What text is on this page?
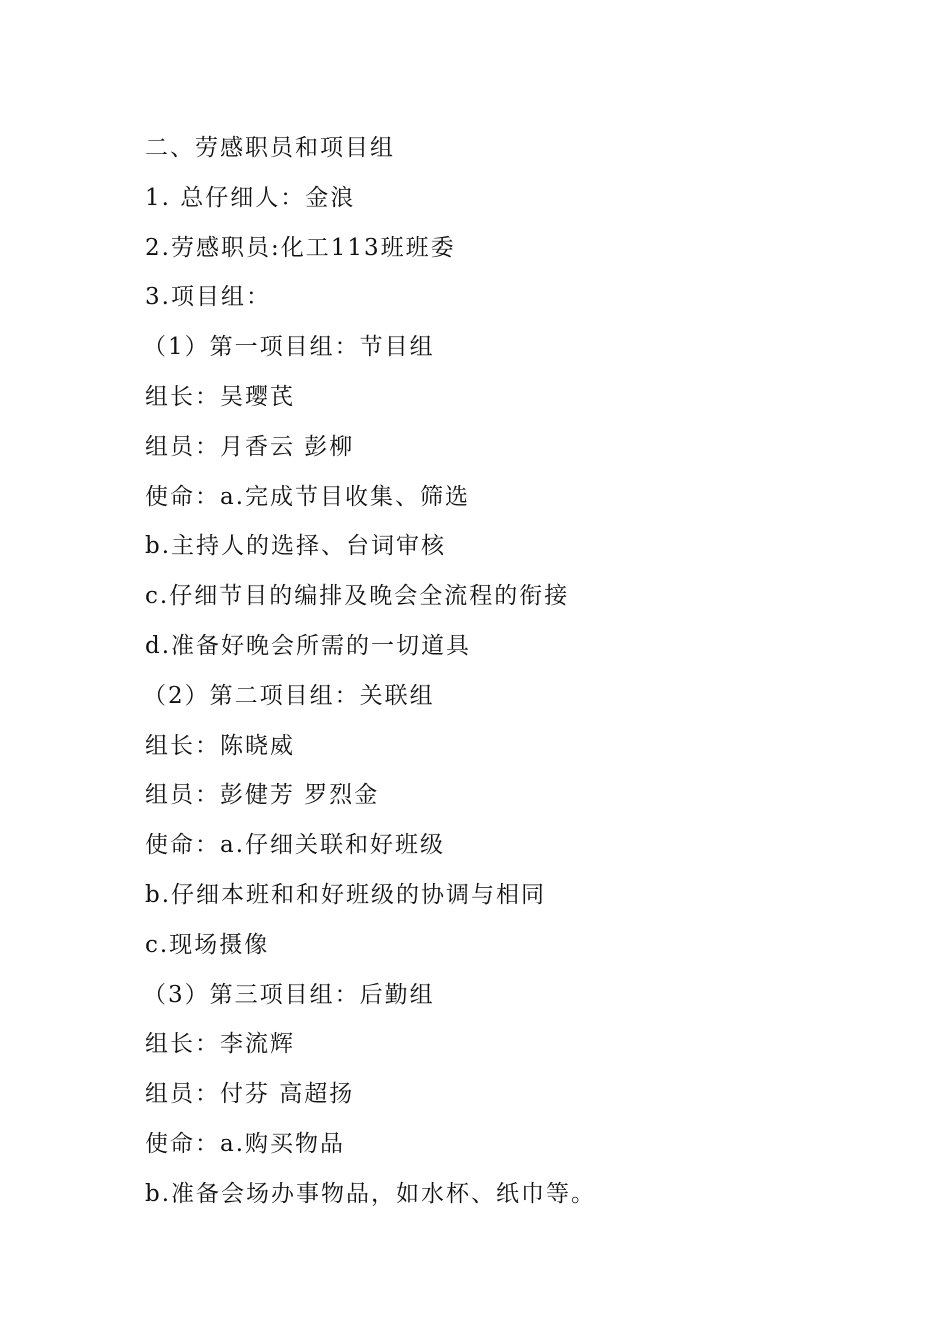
二、劳感职员和项目组
1. 总仔细人：金浪
2.劳感职员:化工113班班委
3.项目组：
（1）第一项目组：节目组
组长：吴璎芪
组员：月香云 彭柳
使命：a.完成节目收集、筛选
b.主持人的选择、台词审核
c.仔细节目的编排及晚会全流程的衔接
d.准备好晚会所需的一切道具
（2）第二项目组：关联组
组长：陈晓威
组员：彭健芳 罗烈金
使命：a.仔细关联和好班级
b.仔细本班和和好班级的协调与相同
c.现场摄像
（3）第三项目组：后勤组
组长：李流辉
组员：付芬 高超扬
使命：a.购买物品
b.准备会场办事物品，如水杯、纸巾等。
